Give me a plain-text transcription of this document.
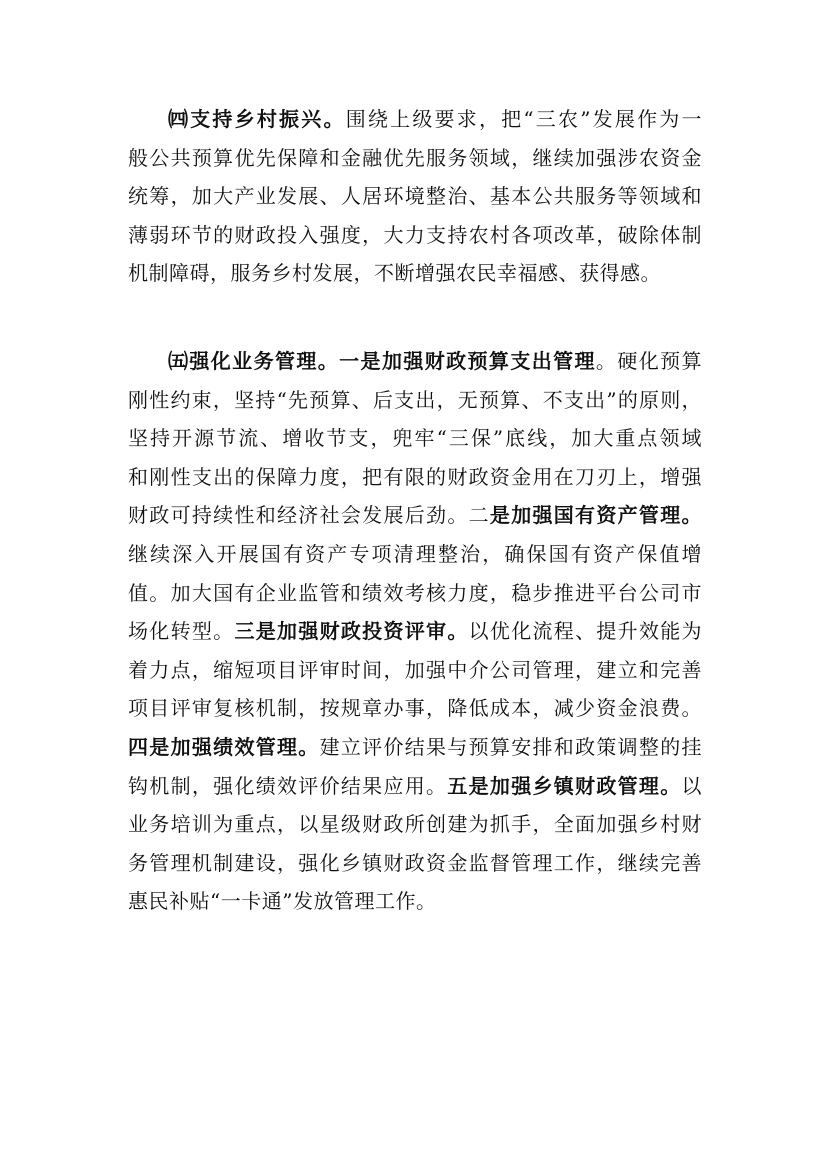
㈣支持乡村振兴。围绕上级要求，把“三农”发展作为一
般公共预算优先保障和金融优先服务领域，继续加强涉农资金
统筹，加大产业发展、人居环境整治、基本公共服务等领域和
薄弱环节的财政投入强度，大力支持农村各项改革，破除体制
机制障碍，服务乡村发展，不断增强农民幸福感、获得感。
㈤强化业务管理。一是加强财政预算支出管理。硬化预算
刚性约束，坚持“先预算、后支出，无预算、不支出”的原则，
坚持开源节流、增收节支，兜牢“三保”底线，加大重点领域
和刚性支出的保障力度，把有限的财政资金用在刀刃上，增强
财政可持续性和经济社会发展后劲。二是加强国有资产管理。
继续深入开展国有资产专项清理整治，确保国有资产保值增
值。加大国有企业监管和绩效考核力度，稳步推进平台公司市
场化转型。三是加强财政投资评审。以优化流程、提升效能为
着力点，缩短项目评审时间，加强中介公司管理，建立和完善
项目评审复核机制，按规章办事，降低成本，减少资金浪费。
四是加强绩效管理。建立评价结果与预算安排和政策调整的挂
钩机制，强化绩效评价结果应用。五是加强乡镇财政管理。以
业务培训为重点，以星级财政所创建为抓手，全面加强乡村财
务管理机制建设，强化乡镇财政资金监督管理工作，继续完善
惠民补贴“一卡通”发放管理工作。
